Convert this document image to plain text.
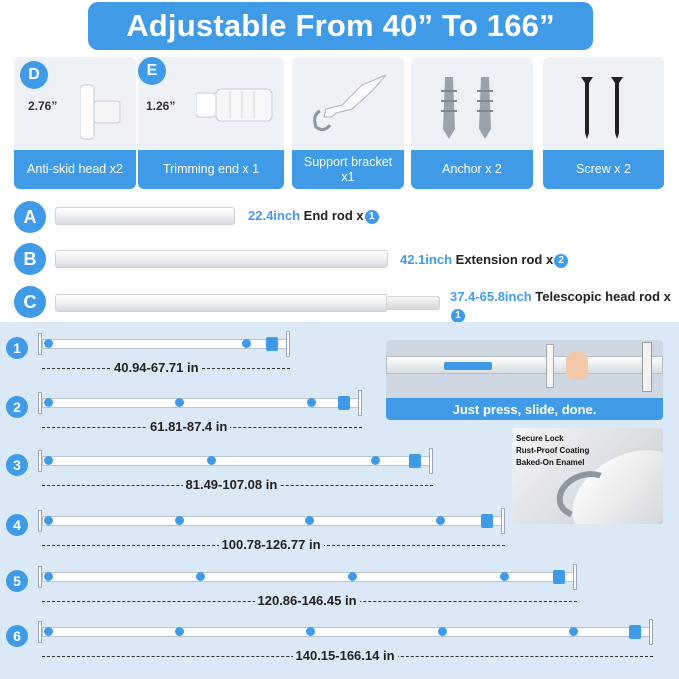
Adjustable From 40” To 166”
D
2.76”
Anti-skid head x2
E
1.26”
Trimming end x 1
Support bracket x1
Anchor x 2	Screw x 2
A	22.4inch End rod x 1
B	42.1inch Extension rod x 2
C	37.4-65.8inch Telescopic head rod x1
1
40.94-67.71 in
2
61.81-87.4 in
3
81.49-107.08 in
4
100.78-126.77 in
5
120.86-146.45 in
6
140.15-166.14 in
Just press, slide, done.
Secure Lock
Rust-Proof Coating
Baked-On Enamel
